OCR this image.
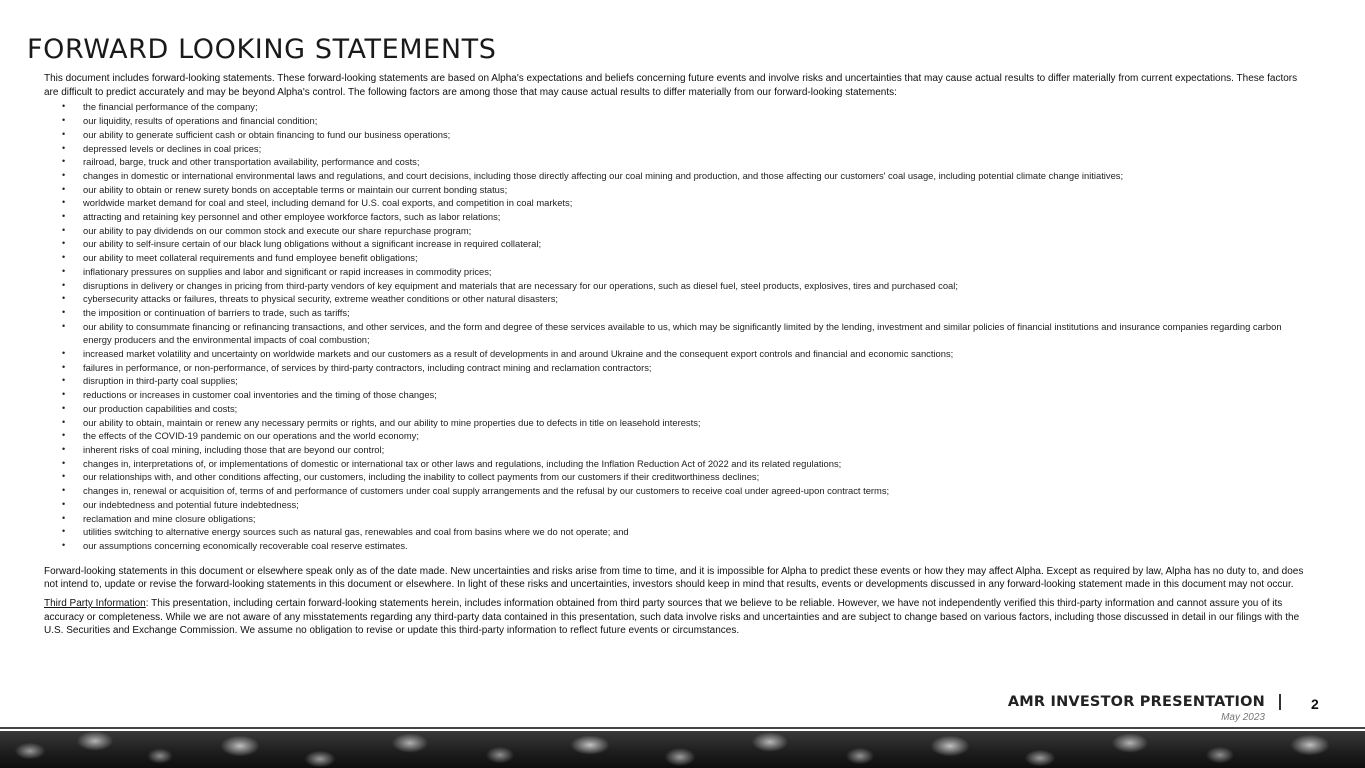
FORWARD LOOKING STATEMENTS

This document includes forward-looking statements. These forward-looking statements are based on Alpha's expectations and beliefs concerning future events and involve risks and uncertainties that may cause actual results to differ materially from current expectations. These factors are difficult to predict accurately and may be beyond Alpha's control. The following factors are among those that may cause actual results to differ materially from our forward-looking statements:

• the financial performance of the company;
• our liquidity, results of operations and financial condition;
• our ability to generate sufficient cash or obtain financing to fund our business operations;
• depressed levels or declines in coal prices;
• railroad, barge, truck and other transportation availability, performance and costs;
• changes in domestic or international environmental laws and regulations, and court decisions, including those directly affecting our coal mining and production, and those affecting our customers' coal usage, including potential climate change initiatives;
• our ability to obtain or renew surety bonds on acceptable terms or maintain our current bonding status;
• worldwide market demand for coal and steel, including demand for U.S. coal exports, and competition in coal markets;
• attracting and retaining key personnel and other employee workforce factors, such as labor relations;
• our ability to pay dividends on our common stock and execute our share repurchase program;
• our ability to self-insure certain of our black lung obligations without a significant increase in required collateral;
• our ability to meet collateral requirements and fund employee benefit obligations;
• inflationary pressures on supplies and labor and significant or rapid increases in commodity prices;
• disruptions in delivery or changes in pricing from third-party vendors of key equipment and materials that are necessary for our operations, such as diesel fuel, steel products, explosives, tires and purchased coal;
• cybersecurity attacks or failures, threats to physical security, extreme weather conditions or other natural disasters;
• the imposition or continuation of barriers to trade, such as tariffs;
• our ability to consummate financing or refinancing transactions, and other services, and the form and degree of these services available to us, which may be significantly limited by the lending, investment and similar policies of financial institutions and insurance companies regarding carbon energy producers and the environmental impacts of coal combustion;
• increased market volatility and uncertainty on worldwide markets and our customers as a result of developments in and around Ukraine and the consequent export controls and financial and economic sanctions;
• failures in performance, or non-performance, of services by third-party contractors, including contract mining and reclamation contractors;
• disruption in third-party coal supplies;
• reductions or increases in customer coal inventories and the timing of those changes;
• our production capabilities and costs;
• our ability to obtain, maintain or renew any necessary permits or rights, and our ability to mine properties due to defects in title on leasehold interests;
• the effects of the COVID-19 pandemic on our operations and the world economy;
• inherent risks of coal mining, including those that are beyond our control;
• changes in, interpretations of, or implementations of domestic or international tax or other laws and regulations, including the Inflation Reduction Act of 2022 and its related regulations;
• our relationships with, and other conditions affecting, our customers, including the inability to collect payments from our customers if their creditworthiness declines;
• changes in, renewal or acquisition of, terms of and performance of customers under coal supply arrangements and the refusal by our customers to receive coal under agreed-upon contract terms;
• our indebtedness and potential future indebtedness;
• reclamation and mine closure obligations;
• utilities switching to alternative energy sources such as natural gas, renewables and coal from basins where we do not operate; and
• our assumptions concerning economically recoverable coal reserve estimates.

Forward-looking statements in this document or elsewhere speak only as of the date made. New uncertainties and risks arise from time to time, and it is impossible for Alpha to predict these events or how they may affect Alpha. Except as required by law, Alpha has no duty to, and does not intend to, update or revise the forward-looking statements in this document or elsewhere. In light of these risks and uncertainties, investors should keep in mind that results, events or developments discussed in any forward-looking statement made in this document may not occur.

Third Party Information: This presentation, including certain forward-looking statements herein, includes information obtained from third party sources that we believe to be reliable. However, we have not independently verified this third-party information and cannot assure you of its accuracy or completeness. While we are not aware of any misstatements regarding any third-party data contained in this presentation, such data involve risks and uncertainties and are subject to change based on various factors, including those discussed in detail in our filings with the U.S. Securities and Exchange Commission. We assume no obligation to revise or update this third-party information to reflect future events or circumstances.

AMR INVESTOR PRESENTATION	2
May 2023
